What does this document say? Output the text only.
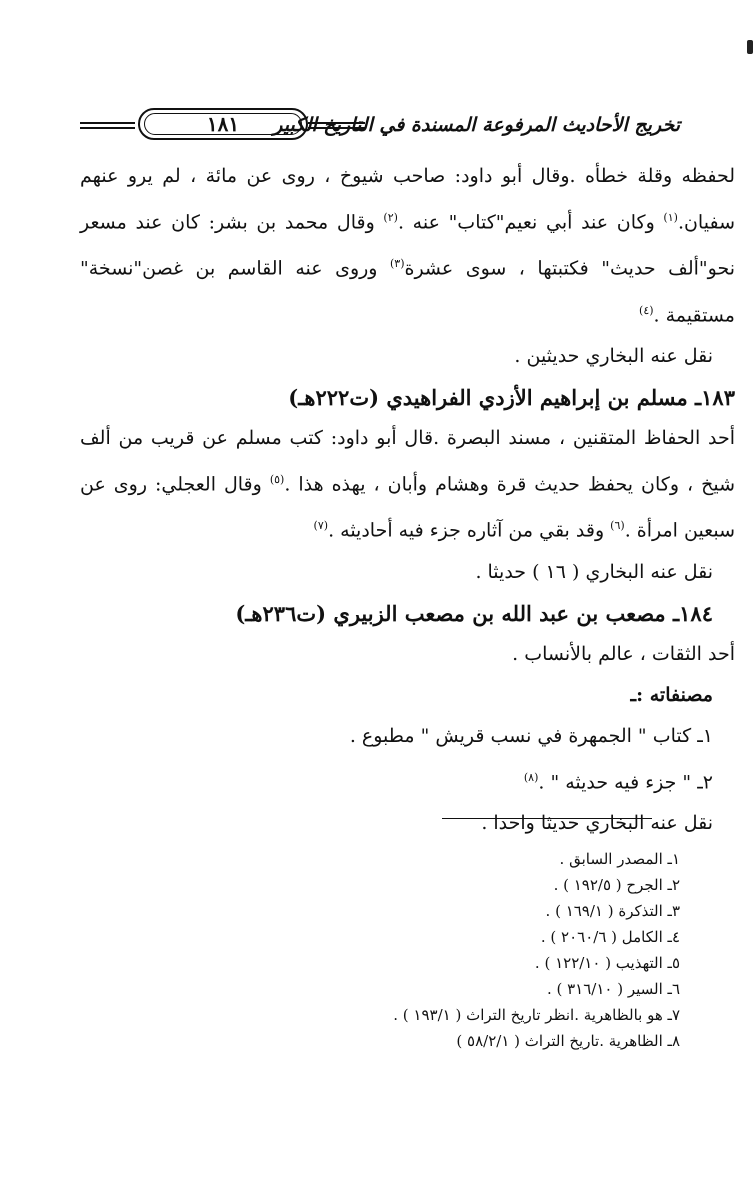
تخريج الأحاديث المرفوعة المسندة في التاريخ الكبير
١٨١

لحفظه وقلة خطأه .وقال أبو داود: صاحب شيوخ ، روى عن مائة ، لم يرو عنهم سفيان.$^{(١)}$ وكان عند أبي نعيم"كتاب" عنه .$^{(٢)}$ وقال محمد بن بشر: كان عند مسعر نحو"ألف حديث" فكتبتها ، سوى عشرة$^{(٣)}$ وروى عنه القاسم بن غصن"نسخة" مستقيمة .$^{(٤)}$

نقل عنه البخاري حديثين .

١٨٣ـ مسلم بن إبراهيم الأزدي الفراهيدي (ت٢٢٢هـ)

أحد الحفاظ المتقنين ، مسند البصرة .قال أبو داود: كتب مسلم عن قريب من ألف شيخ ، وكان يحفظ حديث قرة وهشام وأبان ، يهذه هذا .$^{(٥)}$ وقال العجلي: روى عن سبعين امرأة .$^{(٦)}$ وقد بقي من آثاره جزء فيه أحاديثه .$^{(٧)}$

نقل عنه البخاري ( ١٦ ) حديثا .

١٨٤ـ مصعب بن عبد الله بن مصعب الزبيري (ت٢٣٦هـ)

أحد الثقات ، عالم بالأنساب .

مصنفاته :ـ

١ـ كتاب " الجمهرة في نسب قريش " مطبوع .

٢ـ " جزء فيه حديثه " .$^{(٨)}$

نقل عنه البخاري حديثا واحدا .

١ـ المصدر السابق .

٢ـ الجرح ( ١٩٢/٥ ) .

٣ـ التذكرة ( ١٦٩/١ ) .

٤ـ الكامل ( ٢٠٦٠/٦ ) .

٥ـ التهذيب ( ١٢٢/١٠ ) .

٦ـ السير ( ٣١٦/١٠ ) .

٧ـ هو بالظاهرية .انظر تاريخ التراث ( ١٩٣/١ ) .

٨ـ الظاهرية .تاريخ التراث ( ٥٨/٢/١ )
